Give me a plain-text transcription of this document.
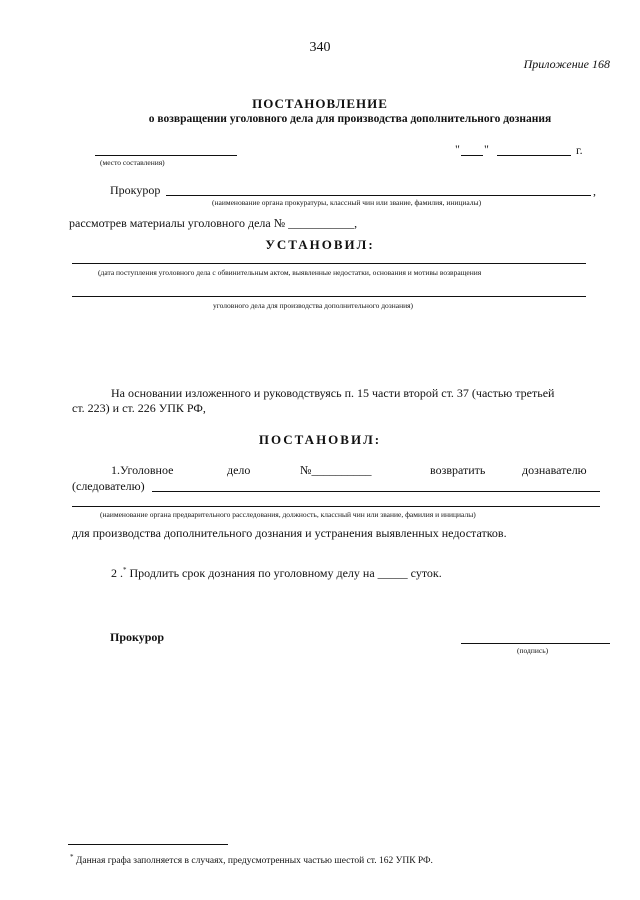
340
Приложение 168
ПОСТАНОВЛЕНИЕ
о возвращении уголовного дела для производства дополнительного дознания
(место составления)
" "	г.
Прокурор	,
(наименование органа прокуратуры, классный чин или звание, фамилия, инициалы)
рассмотрев материалы уголовного дела № ___________,
УСТАНОВИЛ:
(дата поступления уголовного дела с обвинительным актом, выявленные недостатки, основания и мотивы возвращения
уголовного дела для производства дополнительного дознания)
На основании изложенного и руководствуясь п. 15 части второй ст. 37 (частью третьей
ст. 223) и ст. 226 УПК РФ,
ПОСТАНОВИЛ:
1.Уголовное	дело	№__________	возвратить	дознавателю
(следователю)
(наименование органа предварительного расследования, должность, классный чин или звание, фамилия и инициалы)
для производства дополнительного дознания и устранения выявленных недостатков.
2 .* Продлить срок дознания по уголовному делу на _____ суток.
Прокурор
(подпись)
* Данная графа заполняется в случаях, предусмотренных частью шестой ст. 162 УПК РФ.
